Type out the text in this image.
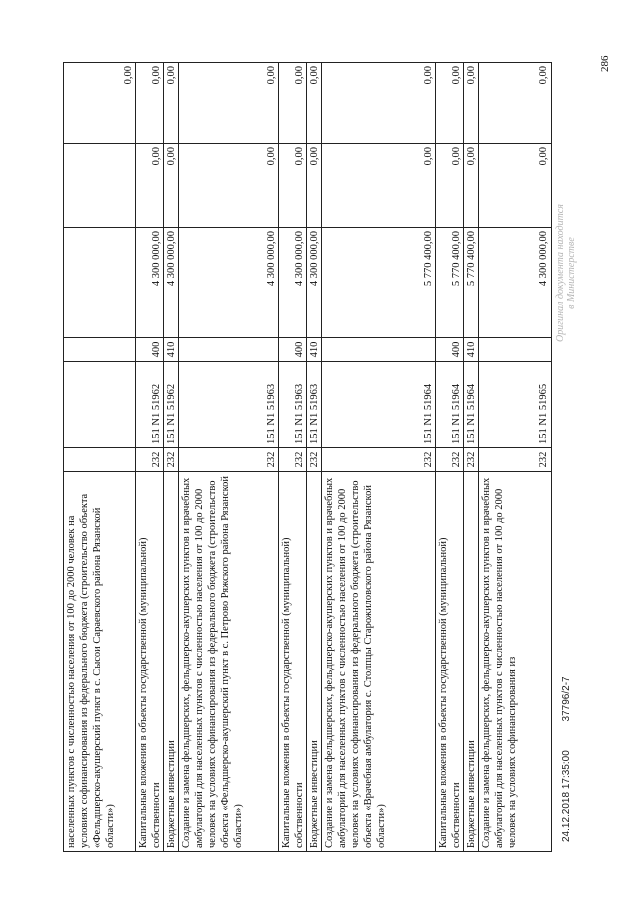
286
населенных пунктов с численностью населения от 100 до 2000 человек на условиях софинансирования из федерального бюджета (строительство объекта «Фельдшерско-акушерский пункт в с. Сысои Сараевского района Рязанской области»)
0,00
Капитальные вложения в объекты государственной (муниципальной) собственности
232
151 N1 51962
400
4 300 000,00
0,00
0,00
Бюджетные инвестиции
232
151 N1 51962
410
4 300 000,00
0,00
0,00
Создание и замена фельдшерских, фельдшерско-акушерских пунктов и врачебных амбулаторий для населенных пунктов с численностью населения от 100 до 2000 человек на условиях софинансирования из федерального бюджета (строительство объекта «Фельдшерско-акушерский пункт в с. Петрово Ряжского района Рязанской области»)
232
151 N1 51963
4 300 000,00
0,00
0,00
Капитальные вложения в объекты государственной (муниципальной) собственности
232
151 N1 51963
400
4 300 000,00
0,00
0,00
Бюджетные инвестиции
232
151 N1 51963
410
4 300 000,00
0,00
0,00
Создание и замена фельдшерских, фельдшерско-акушерских пунктов и врачебных амбулаторий для населенных пунктов с численностью населения от 100 до 2000 человек на условиях софинансирования из федерального бюджета (строительство объекта «Врачебная амбулатория с. Столпцы Старожиловского района Рязанской области»)
232
151 N1 51964
5 770 400,00
0,00
0,00
Капитальные вложения в объекты государственной (муниципальной) собственности
232
151 N1 51964
400
5 770 400,00
0,00
0,00
Бюджетные инвестиции
232
151 N1 51964
410
5 770 400,00
0,00
0,00
Создание и замена фельдшерских, фельдшерско-акушерских пунктов и врачебных амбулаторий для населенных пунктов с численностью населения от 100 до 2000 человек на условиях софинансирования из
232
151 N1 51965
4 300 000,00
0,00
0,00
24.12.2018 17:35:00 37796/2-7
Оригинал документа находится в Министерстве
